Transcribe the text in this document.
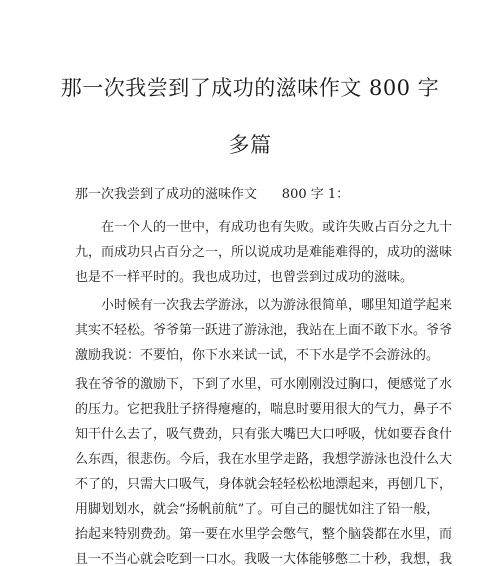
那一次我尝到了成功的滋味作文 800 字
多篇

那一次我尝到了成功的滋味作文      800 字 1：

　　在一个人的一世中，有成功也有失败。或许失败占百分之九十
九，而成功只占百分之一，所以说成功是难能难得的，成功的滋味
也是不一样平时的。我也成功过，也曾尝到过成功的滋味。
　　小时候有一次我去学游泳，以为游泳很简单，哪里知道学起来
其实不轻松。爷爷第一跃进了游泳池，我站在上面不敢下水。爷爷
激励我说：不要怕，你下水来试一试，不下水是学不会游泳的。
我在爷爷的激励下，下到了水里，可水刚刚没过胸口，便感觉了水
的压力。它把我肚子挤得瘪瘪的，喘息时要用很大的气力，鼻子不
知干什么去了，吸气费劲，只有张大嘴巴大口呼吸，忧如要吞食什
么东西，很悲伤。今后，我在水里学走路，我想学游泳也没什么大
不了的，只需大口吸气，身体就会轻轻松松地漂起来，再刨几下，
用脚划划水，就会“扬帆前航”了。可自己的腿忧如注了铅一般，
抬起来特别费劲。第一要在水里学会憋气，整个脑袋都在水里，而
且一不当心就会吃到一口水。我吸一大体能够憋二十秒，我想，我
